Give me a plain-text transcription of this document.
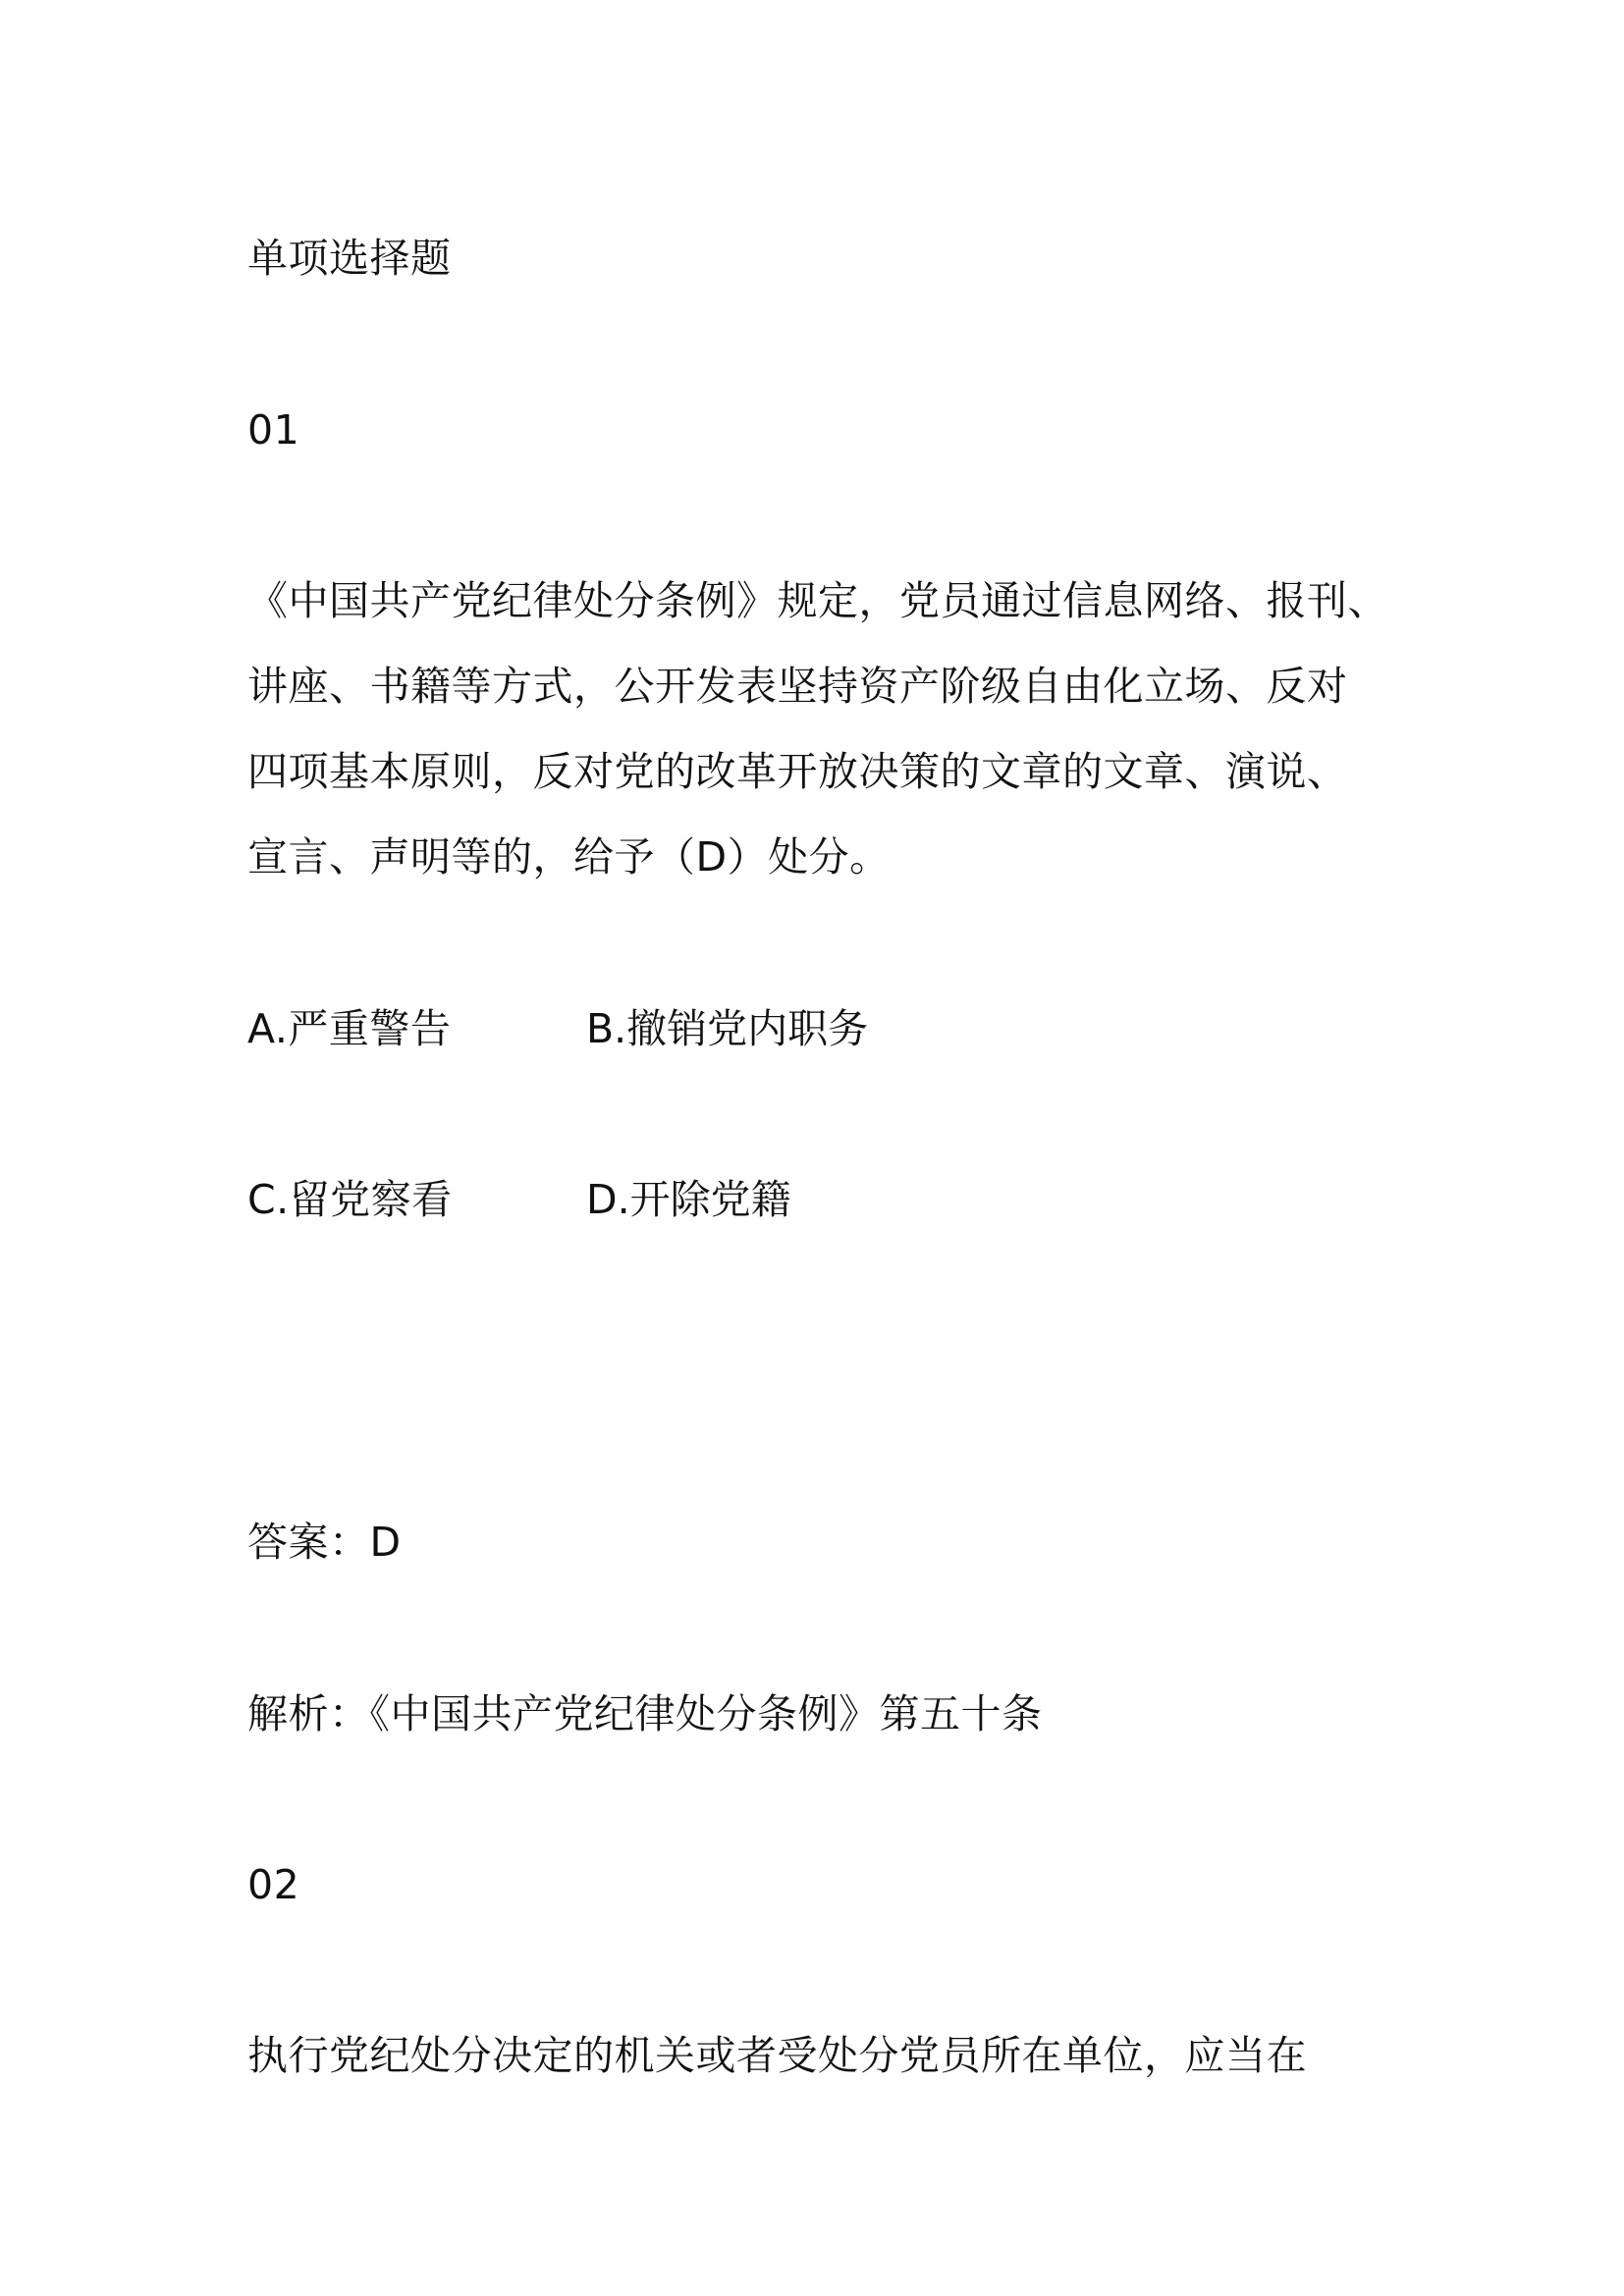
单项选择题
01
《中国共产党纪律处分条例》规定，党员通过信息网络、报刊、
讲座、书籍等方式，公开发表坚持资产阶级自由化立场、反对
四项基本原则，反对党的改革开放决策的文章的文章、演说、
宣言、声明等的，给予（D）处分。
A.严重警告	B.撤销党内职务
C.留党察看	D.开除党籍
答案：D
解析：《中国共产党纪律处分条例》第五十条
02
执行党纪处分决定的机关或者受处分党员所在单位，应当在
